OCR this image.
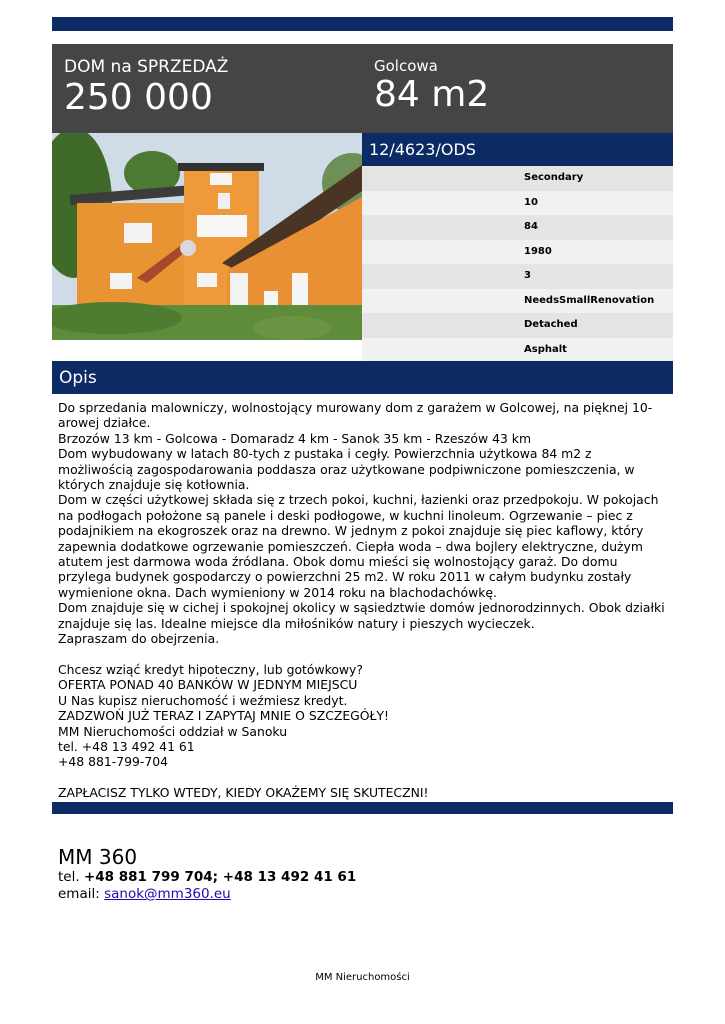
DOM na SPRZEDAŻ
250 000
Golcowa
84 m2
12/4623/ODS
Secondary
10
84
1980
3
NeedsSmallRenovation
Detached
Asphalt
Opis

Do sprzedania malowniczy, wolnostojący murowany dom z garażem w Golcowej, na pięknej 10-arowej działce.

Brzozów 13 km - Golcowa - Domaradz 4 km - Sanok 35 km - Rzeszów 43 km

Dom wybudowany w latach 80-tych z pustaka i cegły. Powierzchnia użytkowa 84 m2 z możliwością zagospodarowania poddasza oraz użytkowane podpiwniczone pomieszczenia, w których znajduje się kotłownia.

Dom w części użytkowej składa się z trzech pokoi, kuchni, łazienki oraz przedpokoju. W pokojach na podłogach położone są panele i deski podłogowe, w kuchni linoleum. Ogrzewanie – piec z podajnikiem na ekogroszek oraz na drewno. W jednym z pokoi znajduje się piec kaflowy, który zapewnia dodatkowe ogrzewanie pomieszczeń. Ciepła woda – dwa bojlery elektryczne, dużym atutem jest darmowa woda źródlana. Obok domu mieści się wolnostojący garaż. Do domu przylega budynek gospodarczy o powierzchni 25 m2. W roku 2011 w całym budynku zostały wymienione okna. Dach wymieniony w 2014 roku na blachodachówkę.

Dom znajduje się w cichej i spokojnej okolicy w sąsiedztwie domów jednorodzinnych. Obok działki znajduje się las. Idealne miejsce dla miłośników natury i pieszych wycieczek.

Zapraszam do obejrzenia.

Chcesz wziąć kredyt hipoteczny, lub gotówkowy?

OFERTA PONAD 40 BANKÓW W JEDNYM MIEJSCU

U Nas kupisz nieruchomość i weźmiesz kredyt.

ZADZWOŃ JUŻ TERAZ I ZAPYTAJ MNIE O SZCZEGÓŁY!

MM Nieruchomości oddział w Sanoku

tel. +48 13 492 41 61

+48 881-799-704

ZAPŁACISZ TYLKO WTEDY, KIEDY OKAŻEMY SIĘ SKUTECZNI!

MM 360
tel. +48 881 799 704; +48 13 492 41 61
email: sanok@mm360.eu
MM Nieruchomości
